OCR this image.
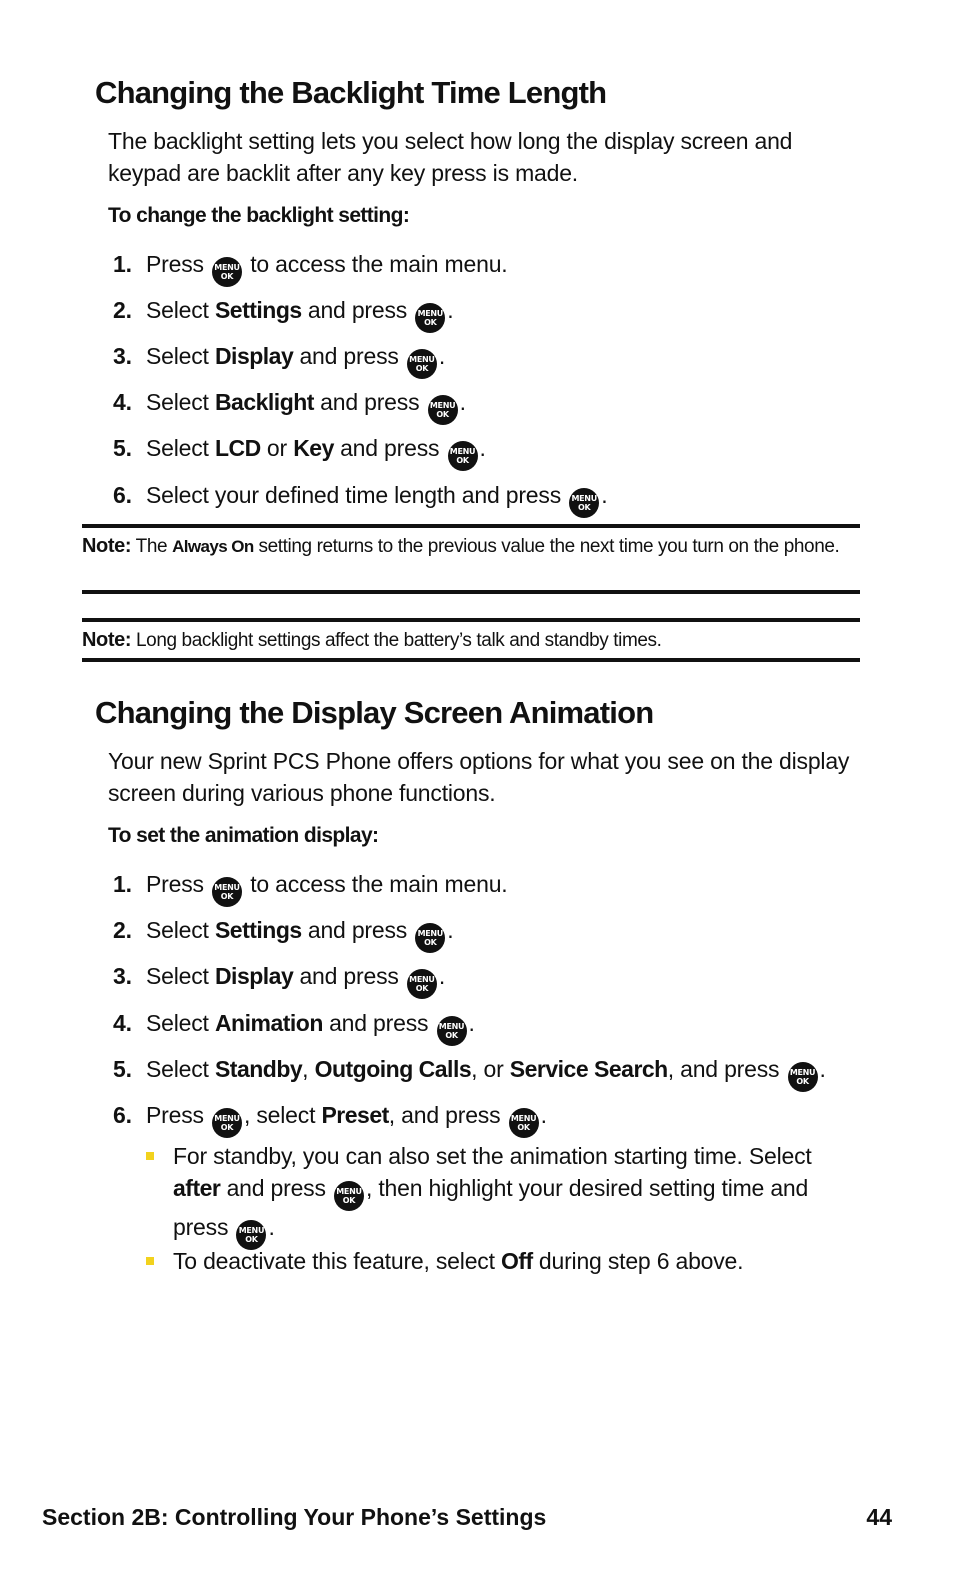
Changing the Backlight Time Length

The backlight setting lets you select how long the display screen and keypad are backlit after any key press is made.

To change the backlight setting:

1. Press MENU
OK to access the main menu.
2. Select Settings and press MENU
OK .
3. Select Display and press MENU
OK .
4. Select Backlight and press MENU
OK .
5. Select LCD or Key and press MENU
OK .
6. Select your defined time length and press MENU
OK .
Note: The Always On setting returns to the previous value the next time you turn on the phone.
Note: Long backlight settings affect the battery’s talk and standby times.
Changing the Display Screen Animation

Your new Sprint PCS Phone offers options for what you see on the display screen during various phone functions.

To set the animation display:

1. Press MENU
OK to access the main menu.
2. Select Settings and press MENU
OK .
3. Select Display and press MENU
OK .
4. Select Animation and press MENU
OK .
5. Select Standby, Outgoing Calls, or Service Search, and press MENU
OK .
6. Press MENU
OK , select Preset, and press MENU
OK .
For standby, you can also set the animation starting time. Select after and press MENU
OK , then highlight your desired setting time and press MENU
OK .
To deactivate this feature, select Off during step 6 above.
Section 2B: Controlling Your Phone’s Settings	44
